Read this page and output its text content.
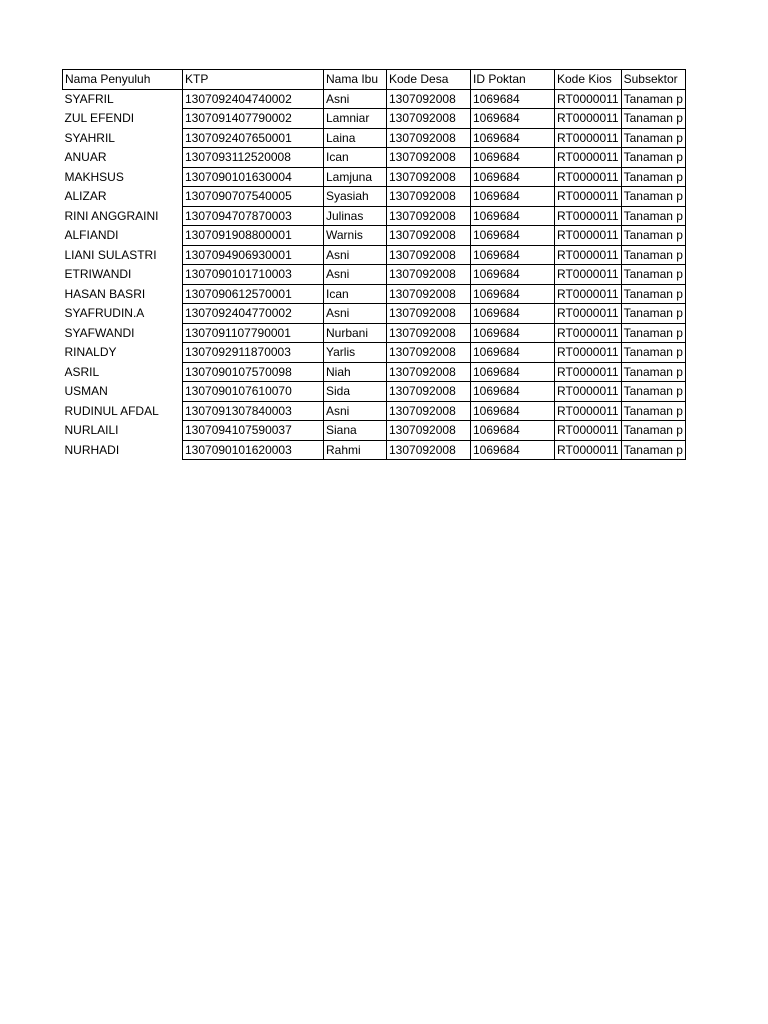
Nama Penyuluh	KTP	Nama Ibu	Kode Desa	ID Poktan	Kode Kios	Subsektor
SYAFRIL	1307092404740002	Asni	1307092008	1069684	RT0000011	Tanaman p
ZUL EFENDI	1307091407790002	Lamniar	1307092008	1069684	RT0000011	Tanaman p
SYAHRIL	1307092407650001	Laina	1307092008	1069684	RT0000011	Tanaman p
ANUAR	1307093112520008	Ican	1307092008	1069684	RT0000011	Tanaman p
MAKHSUS	1307090101630004	Lamjuna	1307092008	1069684	RT0000011	Tanaman p
ALIZAR	1307090707540005	Syasiah	1307092008	1069684	RT0000011	Tanaman p
RINI ANGGRAINI	1307094707870003	Julinas	1307092008	1069684	RT0000011	Tanaman p
ALFIANDI	1307091908800001	Warnis	1307092008	1069684	RT0000011	Tanaman p
LIANI SULASTRI	1307094906930001	Asni	1307092008	1069684	RT0000011	Tanaman p
ETRIWANDI	1307090101710003	Asni	1307092008	1069684	RT0000011	Tanaman p
HASAN BASRI	1307090612570001	Ican	1307092008	1069684	RT0000011	Tanaman p
SYAFRUDIN.A	1307092404770002	Asni	1307092008	1069684	RT0000011	Tanaman p
SYAFWANDI	1307091107790001	Nurbani	1307092008	1069684	RT0000011	Tanaman p
RINALDY	1307092911870003	Yarlis	1307092008	1069684	RT0000011	Tanaman p
ASRIL	1307090107570098	Niah	1307092008	1069684	RT0000011	Tanaman p
USMAN	1307090107610070	Sida	1307092008	1069684	RT0000011	Tanaman p
RUDINUL AFDAL	1307091307840003	Asni	1307092008	1069684	RT0000011	Tanaman p
NURLAILI	1307094107590037	Siana	1307092008	1069684	RT0000011	Tanaman p
NURHADI	1307090101620003	Rahmi	1307092008	1069684	RT0000011	Tanaman p
